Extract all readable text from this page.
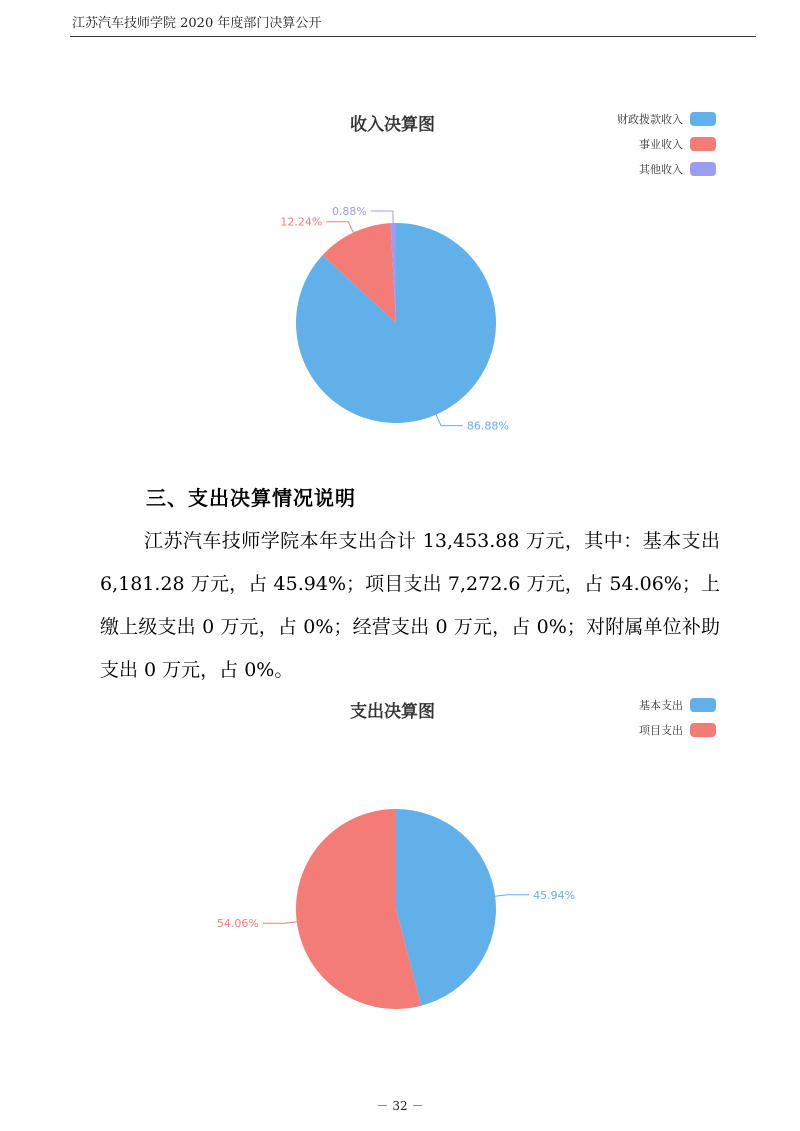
江苏汽车技师学院 2020 年度部门决算公开
收入决算图	财政拨款收入
事业收入
其他收入
86.88%
12.24%
0.88%
三、支出决算情况说明

江苏汽车技师学院本年支出合计 13,453.88 万元，其中：基本支出 6,181.28 万元，占 45.94%；项目支出 7,272.6 万元，占 54.06%；上缴上级支出 0 万元，占 0%；经营支出 0 万元，占 0%；对附属单位补助支出 0 万元，占 0%。

支出决算图	基本支出
项目支出
45.94%
54.06%
－ 32 －
